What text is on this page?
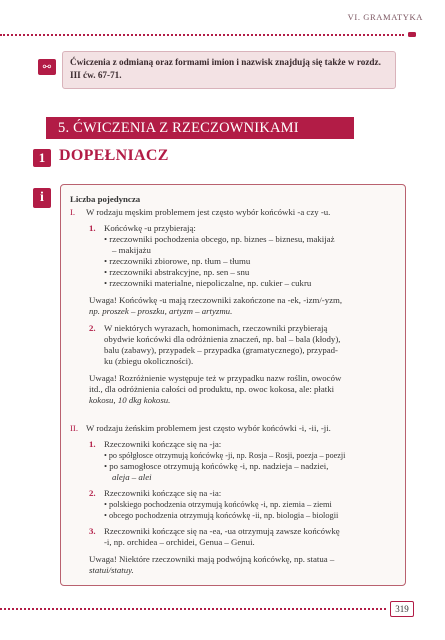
VI. GRAMATYKA
⚯	Ćwiczenia z odmianą oraz formami imion i nazwisk znajdują się także w rozdz. III ćw. 67-71.
5. ĆWICZENIA Z RZECZOWNIKAMI
1 DOPEŁNIACZ
i	Liczba pojedyncza
I. W rodzaju męskim problemem jest często wybór końcówki -a czy -u.
1. Końcówkę -u przybierają:
• rzeczowniki pochodzenia obcego, np. biznes – biznesu, makijaż
– makijażu
• rzeczowniki zbiorowe, np. tłum – tłumu
• rzeczowniki abstrakcyjne, np. sen – snu
• rzeczowniki materialne, niepoliczalne, np. cukier – cukru
Uwaga! Końcówkę -u mają rzeczowniki zakończone na -ek, -izm/-yzm,
np. proszek – proszku, artyzm – artyzmu.
2. W niektórych wyrazach, homonimach, rzeczowniki przybierają
obydwie końcówki dla odróżnienia znaczeń, np. bal – bala (kłody),
balu (zabawy), przypadek – przypadka (gramatycznego), przypad-
ku (zbiegu okoliczności).
Uwaga! Rozróżnienie występuje też w przypadku nazw roślin, owoców
itd., dla odróżnienia całości od produktu, np. owoc kokosa, ale: płatki
kokosu, 10 dkg kokosu.
II. W rodzaju żeńskim problemem jest często wybór końcówki -i, -ii, -ji.
1. Rzeczowniki kończące się na -ja:
• po spółgłosce otrzymują końcówkę -ji, np. Rosja – Rosji, poezja – poezji
• po samogłosce otrzymują końcówkę -i, np. nadzieja – nadziei,
aleja – alei
2. Rzeczowniki kończące się na -ia:
• polskiego pochodzenia otrzymują końcówkę -i, np. ziemia – ziemi
• obcego pochodzenia otrzymują końcówkę -ii, np. biologia – biologii
3. Rzeczowniki kończące się na -ea, -ua otrzymują zawsze końcówkę
-i, np. orchidea – orchidei, Genua – Genui.
Uwaga! Niektóre rzeczowniki mają podwójną końcówkę, np. statua –
statui/statuy.
319
